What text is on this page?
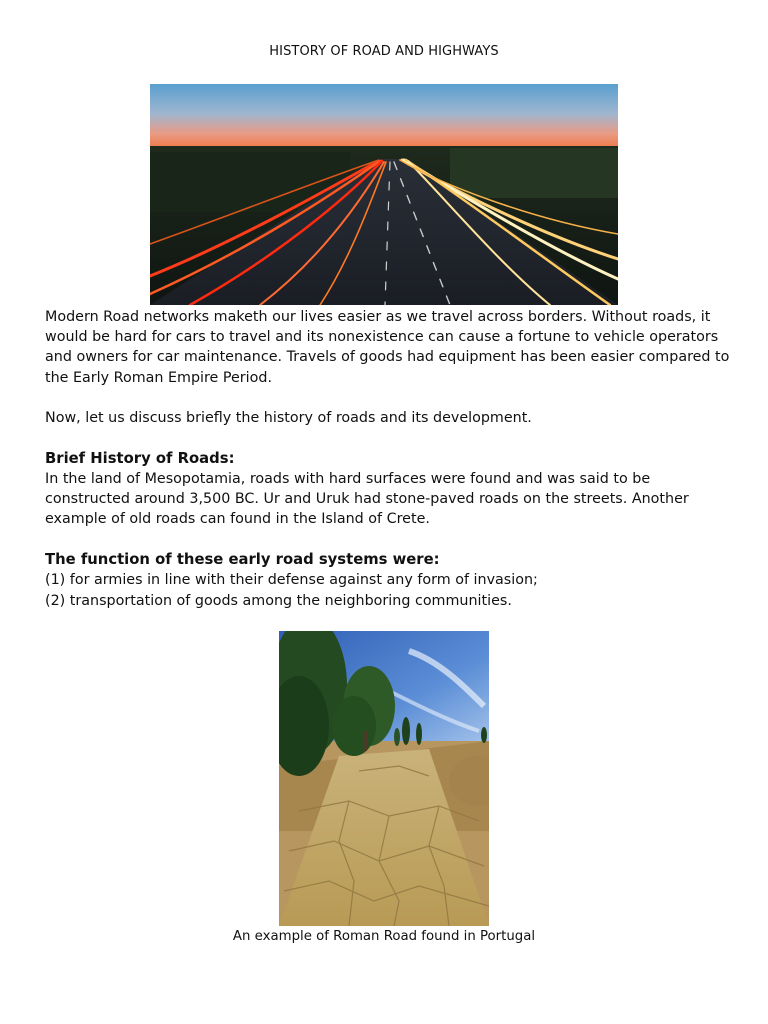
HISTORY OF ROAD AND HIGHWAYS

Modern Road networks maketh our lives easier as we travel across borders. Without roads, it would be hard for cars to travel and its nonexistence can cause a fortune to vehicle operators and owners for car maintenance. Travels of goods had equipment has been easier compared to the Early Roman Empire Period.

Now, let us discuss briefly the history of roads and its development.

Brief History of Roads:

In the land of Mesopotamia, roads with hard surfaces were found and was said to be constructed around 3,500 BC. Ur and Uruk had stone-paved roads on the streets. Another example of old roads can found in the Island of Crete.

The function of these early road systems were:

(1) for armies in line with their defense against any form of invasion;

(2) transportation of goods among the neighboring communities.

An example of Roman Road found in Portugal
